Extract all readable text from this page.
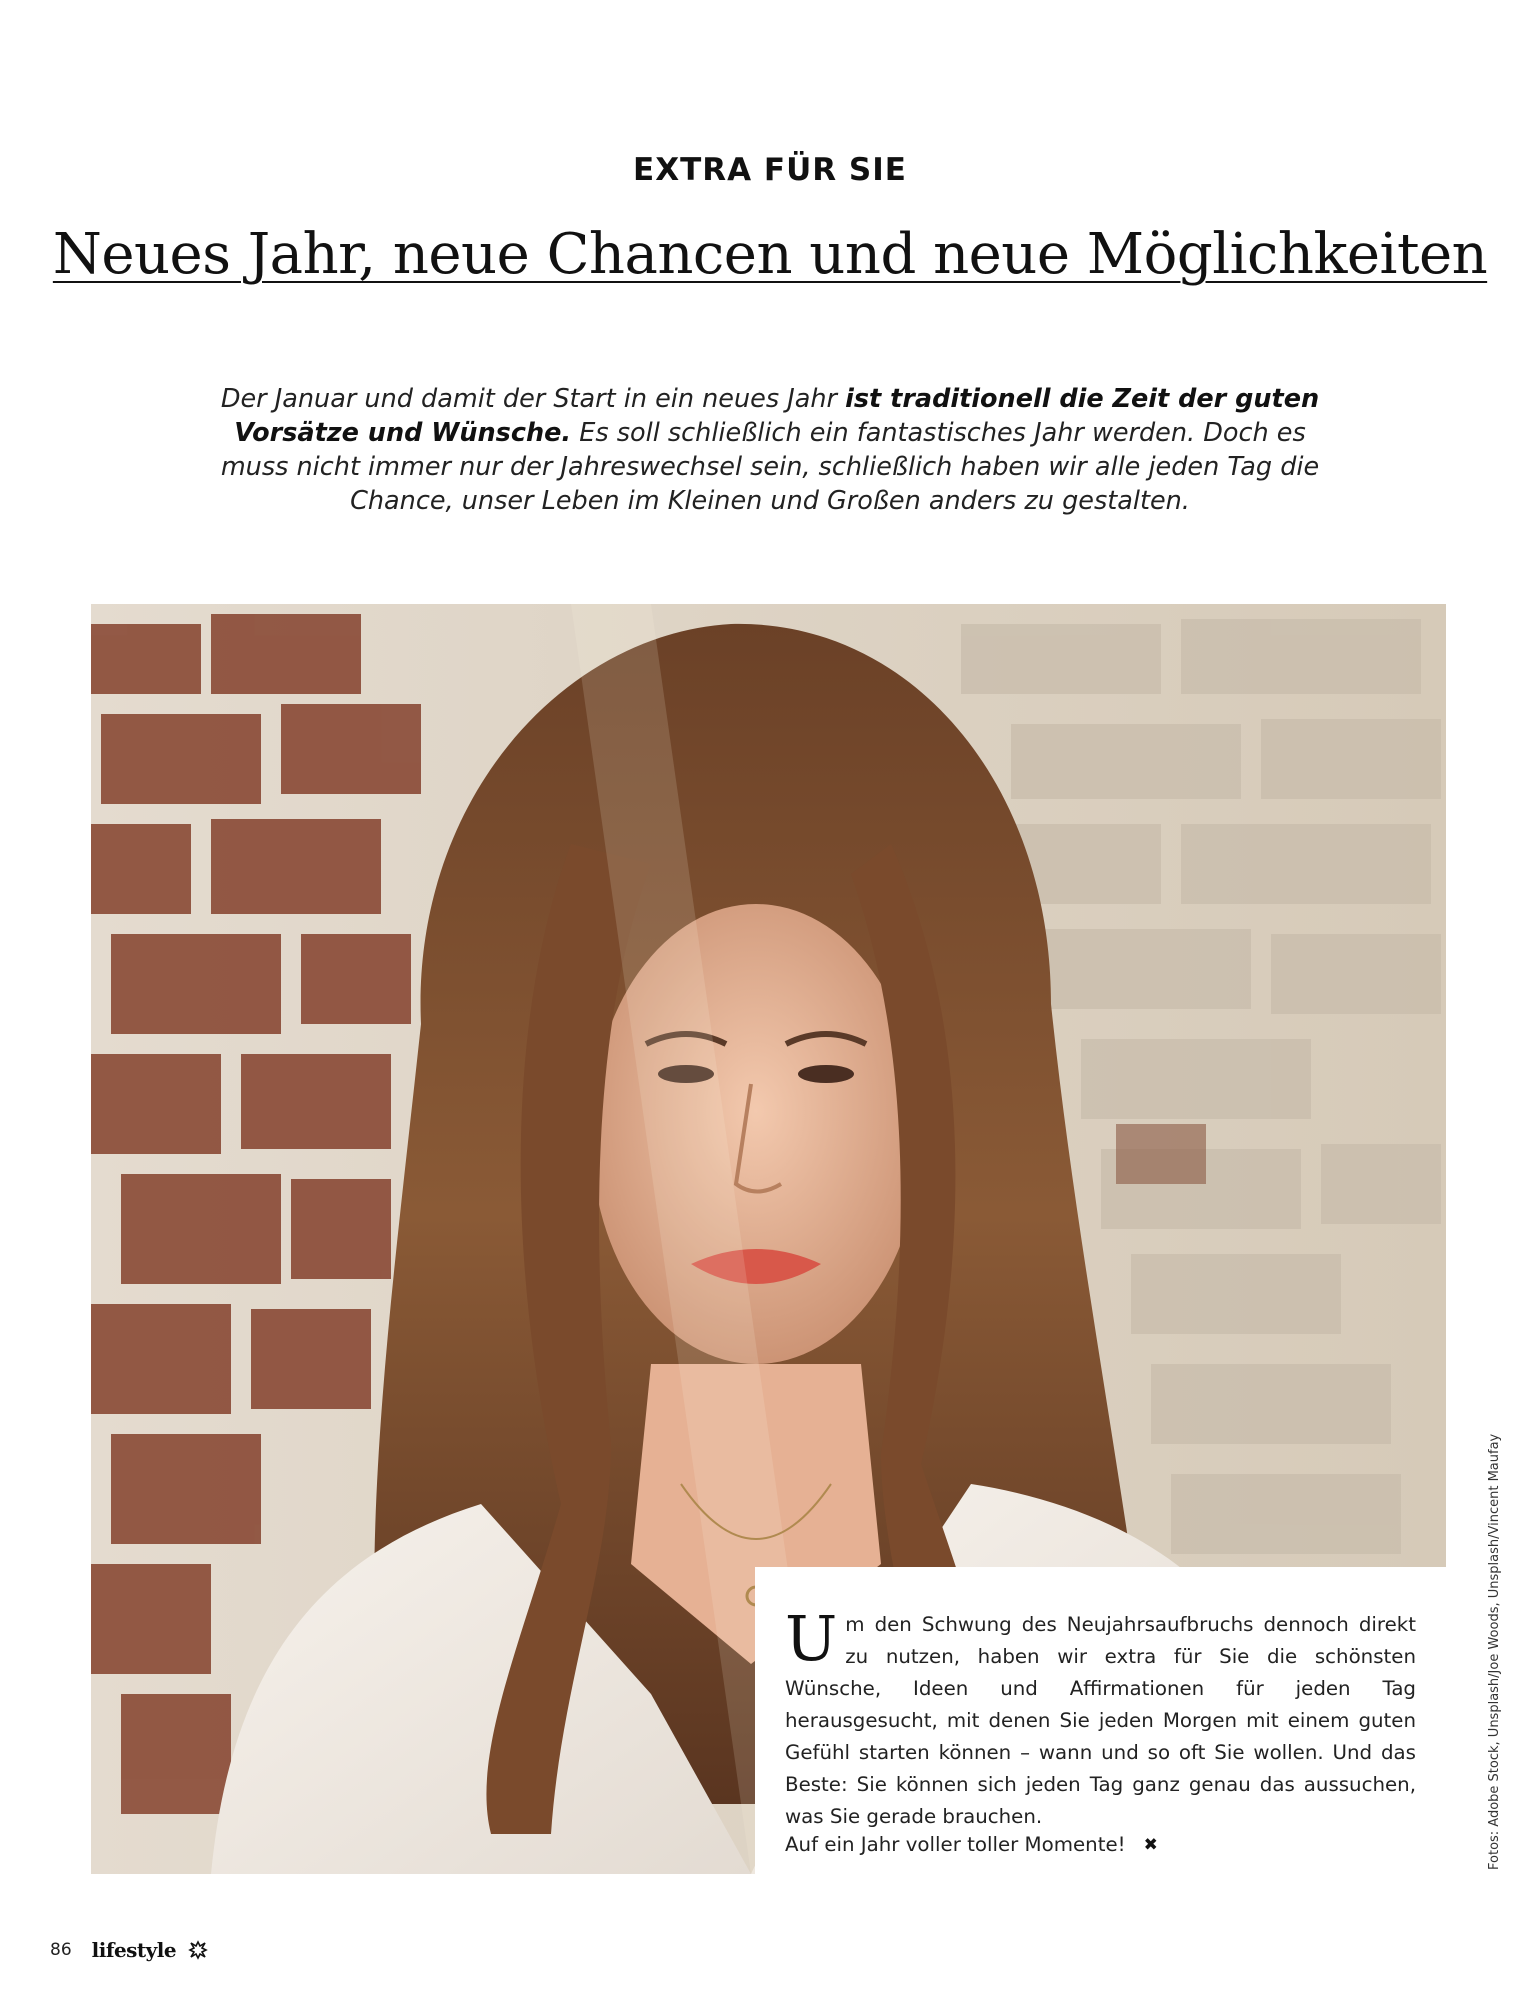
EXTRA FÜR SIE
Neues Jahr, neue Chancen und neue Möglichkeiten
Der Januar und damit der Start in ein neues Jahr ist traditionell die Zeit der guten Vorsätze und Wünsche. Es soll schließlich ein fantastisches Jahr werden. Doch es muss nicht immer nur der Jahreswechsel sein, schließlich haben wir alle jeden Tag die Chance, unser Leben im Kleinen und Großen anders zu gestalten.
Um den Schwung des Neujahrsaufbruchs dennoch direkt zu nutzen, haben wir extra für Sie die schönsten Wünsche, Ideen und Affirmationen für jeden Tag herausgesucht, mit denen Sie jeden Morgen mit einem guten Gefühl starten können – wann und so oft Sie wollen. Und das Beste: Sie können sich jeden Tag ganz genau das aussuchen, was Sie gerade brauchen.
Auf ein Jahr voller toller Momente! ✖	Fotos: Adobe Stock, Unsplash/Joe Woods, Unsplash/Vincent Maufay
86 lifestyle
